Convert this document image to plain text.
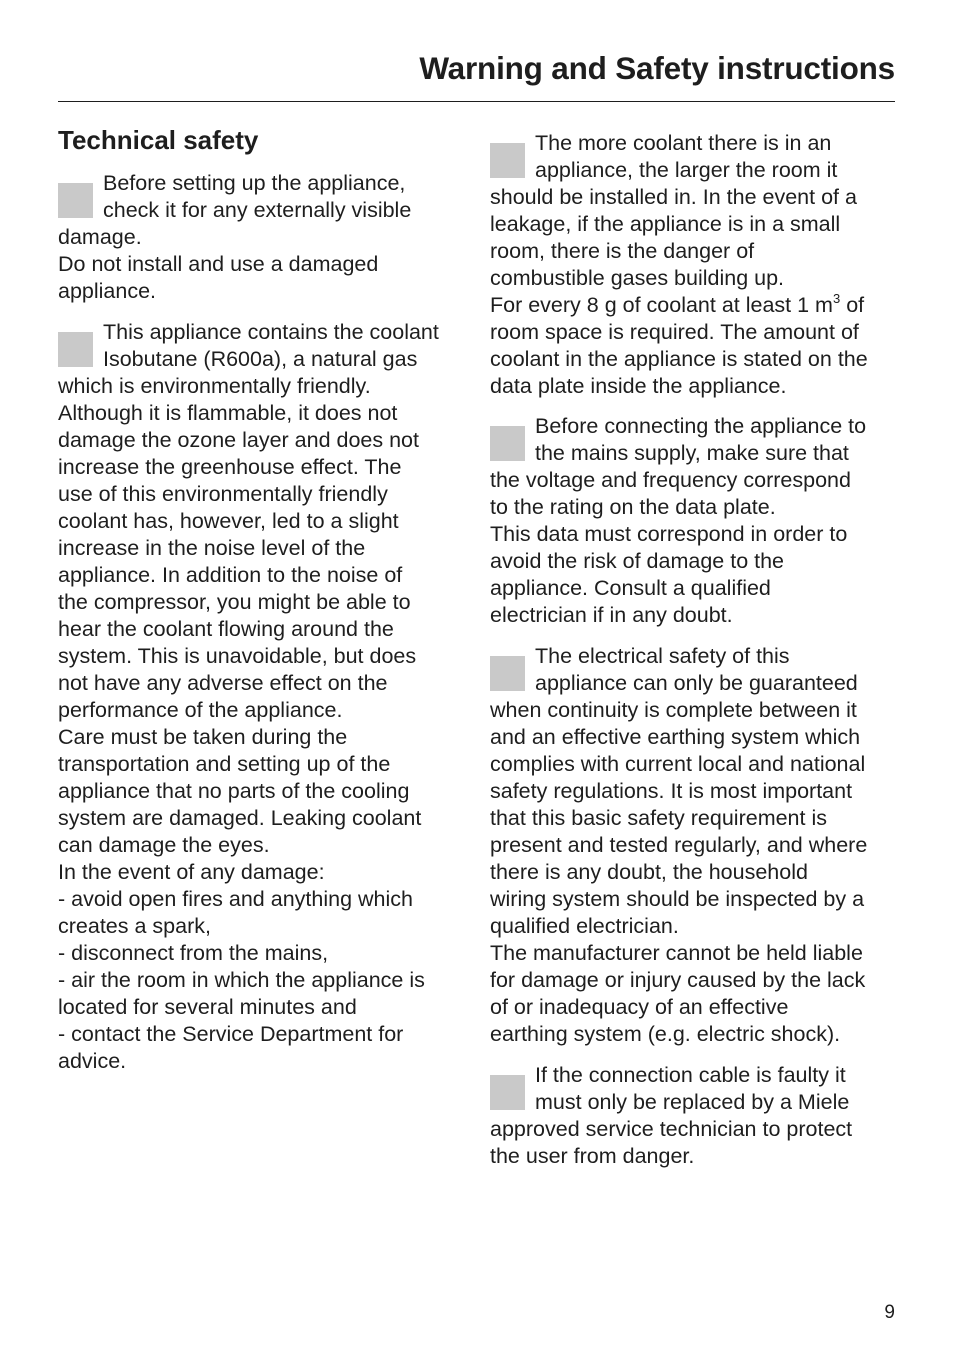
Warning and Safety instructions
Technical safety
Before setting up the appliance,
check it for any externally visible
damage.
Do not install and use a damaged
appliance.
This appliance contains the coolant
Isobutane (R600a), a natural gas
which is environmentally friendly.
Although it is flammable, it does not
damage the ozone layer and does not
increase the greenhouse effect. The
use of this environmentally friendly
coolant has, however, led to a slight
increase in the noise level of the
appliance. In addition to the noise of
the compressor, you might be able to
hear the coolant flowing around the
system. This is unavoidable, but does
not have any adverse effect on the
performance of the appliance.
Care must be taken during the
transportation and setting up of the
appliance that no parts of the cooling
system are damaged. Leaking coolant
can damage the eyes.
In the event of any damage:
- avoid open fires and anything which
creates a spark,
- disconnect from the mains,
- air the room in which the appliance is
located for several minutes and
- contact the Service Department for
advice.
The more coolant there is in an
appliance, the larger the room it
should be installed in. In the event of a
leakage, if the appliance is in a small
room, there is the danger of
combustible gases building up.
For every 8 g of coolant at least 1 $m^3$ of
room space is required. The amount of
coolant in the appliance is stated on the
data plate inside the appliance.
Before connecting the appliance to
the mains supply, make sure that
the voltage and frequency correspond
to the rating on the data plate.
This data must correspond in order to
avoid the risk of damage to the
appliance. Consult a qualified
electrician if in any doubt.
The electrical safety of this
appliance can only be guaranteed
when continuity is complete between it
and an effective earthing system which
complies with current local and national
safety regulations. It is most important
that this basic safety requirement is
present and tested regularly, and where
there is any doubt, the household
wiring system should be inspected by a
qualified electrician.
The manufacturer cannot be held liable
for damage or injury caused by the lack
of or inadequacy of an effective
earthing system (e.g. electric shock).
If the connection cable is faulty it
must only be replaced by a Miele
approved service technician to protect
the user from danger.
9
